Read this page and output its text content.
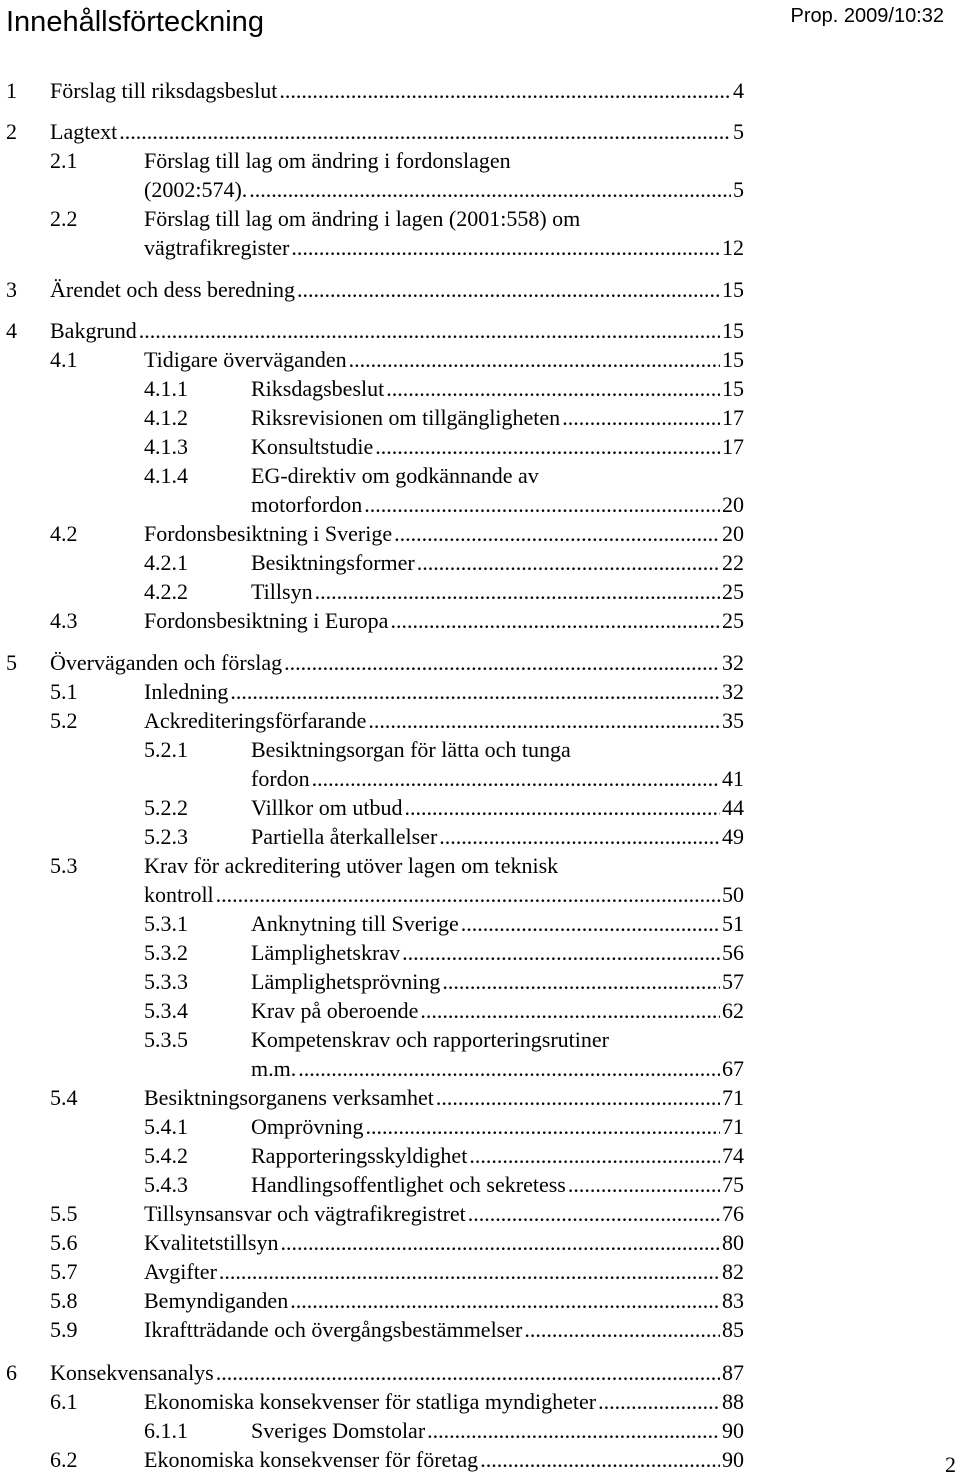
Innehållsförteckning	Prop. 2009/10:32
1 Förslag till riksdagsbeslut .....	4
2 Lagtext .....	5
2.1	Förslag till lag om ändring i fordonslagen
(2002:574). .....	5
2.2	Förslag till lag om ändring i lagen (2001:558) om
vägtrafikregister .....	12
3 Ärendet och dess beredning .....	15
4 Bakgrund .....	15
4.1	Tidigare överväganden .....	15
4.1.1	Riksdagsbeslut .....	15
4.1.2	Riksrevisionen om tillgängligheten .....	17
4.1.3	Konsultstudie .....	17
4.1.4	EG-direktiv om godkännande av
motorfordon .....	20
4.2	Fordonsbesiktning i Sverige .....	20
4.2.1	Besiktningsformer .....	22
4.2.2	Tillsyn .....	25
4.3	Fordonsbesiktning i Europa .....	25
5 Överväganden och förslag .....	32
5.1	Inledning .....	32
5.2	Ackrediteringsförfarande .....	35
5.2.1	Besiktningsorgan för lätta och tunga
fordon .....	41
5.2.2	Villkor om utbud .....	44
5.2.3	Partiella återkallelser .....	49
5.3	Krav för ackreditering utöver lagen om teknisk
kontroll .....	50
5.3.1	Anknytning till Sverige .....	51
5.3.2	Lämplighetskrav .....	56
5.3.3	Lämplighetsprövning .....	57
5.3.4	Krav på oberoende .....	62
5.3.5	Kompetenskrav och rapporteringsrutiner
m.m. .....	67
5.4	Besiktningsorganens verksamhet .....	71
5.4.1	Omprövning .....	71
5.4.2	Rapporteringsskyldighet .....	74
5.4.3	Handlingsoffentlighet och sekretess .....	75
5.5	Tillsynsansvar och vägtrafikregistret .....	76
5.6	Kvalitetstillsyn .....	80
5.7	Avgifter .....	82
5.8	Bemyndiganden .....	83
5.9	Ikraftträdande och övergångsbestämmelser .....	85
6 Konsekvensanalys .....	87
6.1	Ekonomiska konsekvenser för statliga myndigheter .....	88
6.1.1	Sveriges Domstolar .....	90
6.2	Ekonomiska konsekvenser för företag .....	90	2
